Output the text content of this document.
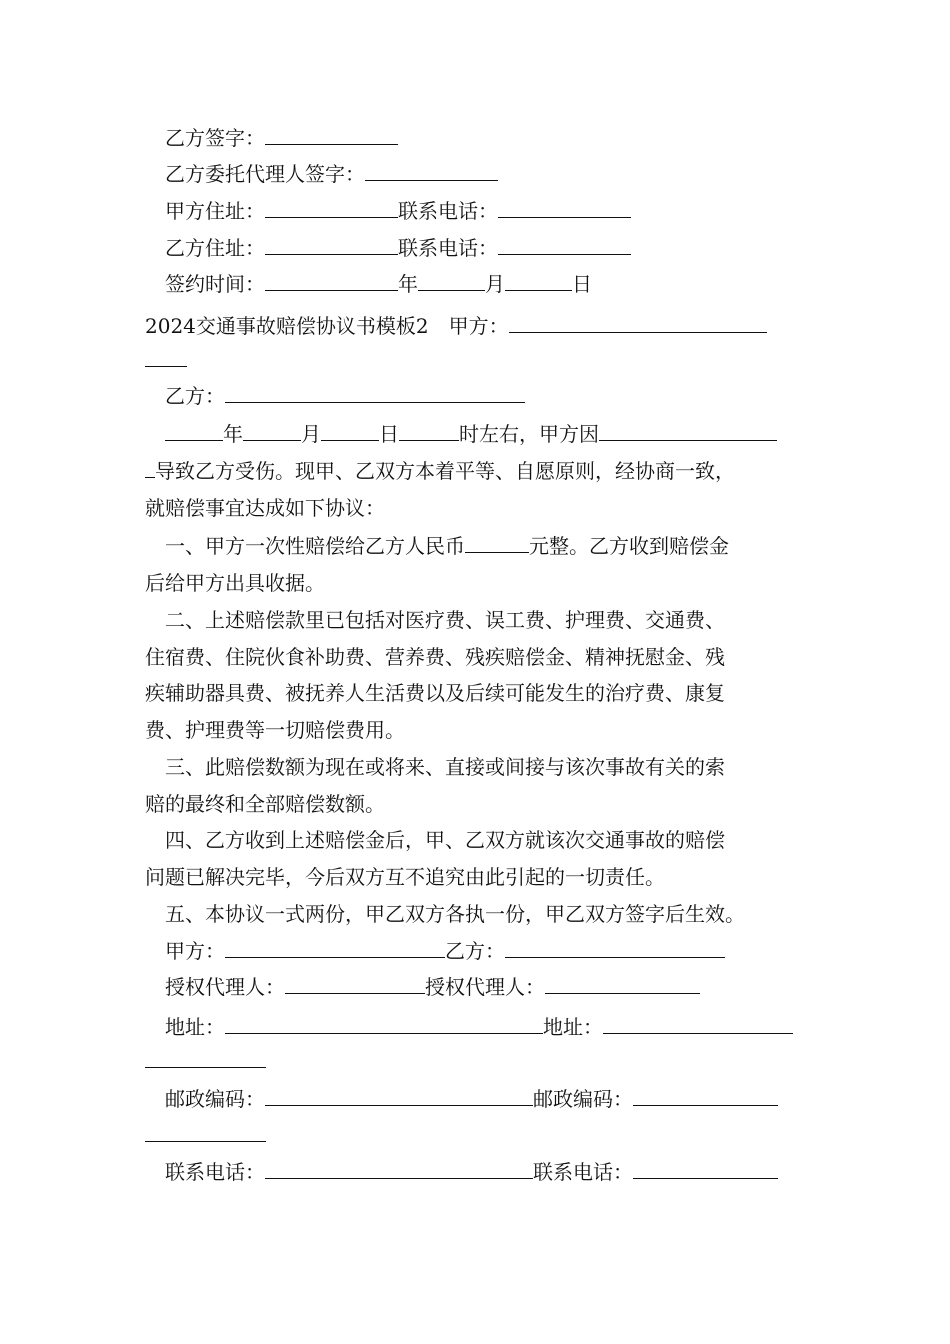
乙方签字：
乙方委托代理人签字：
甲方住址：	联系电话：
乙方住址：	联系电话：
签约时间：	年	月	日
2024交通事故赔偿协议书模板2　甲方：
乙方：
年	月	日	时左右，甲方因
导致乙方受伤。现甲、乙双方本着平等、自愿原则，经协商一致，
就赔偿事宜达成如下协议：
一、甲方一次性赔偿给乙方人民币	元整。乙方收到赔偿金
后给甲方出具收据。
二、上述赔偿款里已包括对医疗费、误工费、护理费、交通费、
住宿费、住院伙食补助费、营养费、残疾赔偿金、精神抚慰金、残
疾辅助器具费、被抚养人生活费以及后续可能发生的治疗费、康复
费、护理费等一切赔偿费用。
三、此赔偿数额为现在或将来、直接或间接与该次事故有关的索
赔的最终和全部赔偿数额。
四、乙方收到上述赔偿金后，甲、乙双方就该次交通事故的赔偿
问题已解决完毕，今后双方互不追究由此引起的一切责任。
五、本协议一式两份，甲乙双方各执一份，甲乙双方签字后生效。
甲方：	乙方：
授权代理人：	授权代理人：
地址：	地址：
邮政编码：	邮政编码：
联系电话：	联系电话：
